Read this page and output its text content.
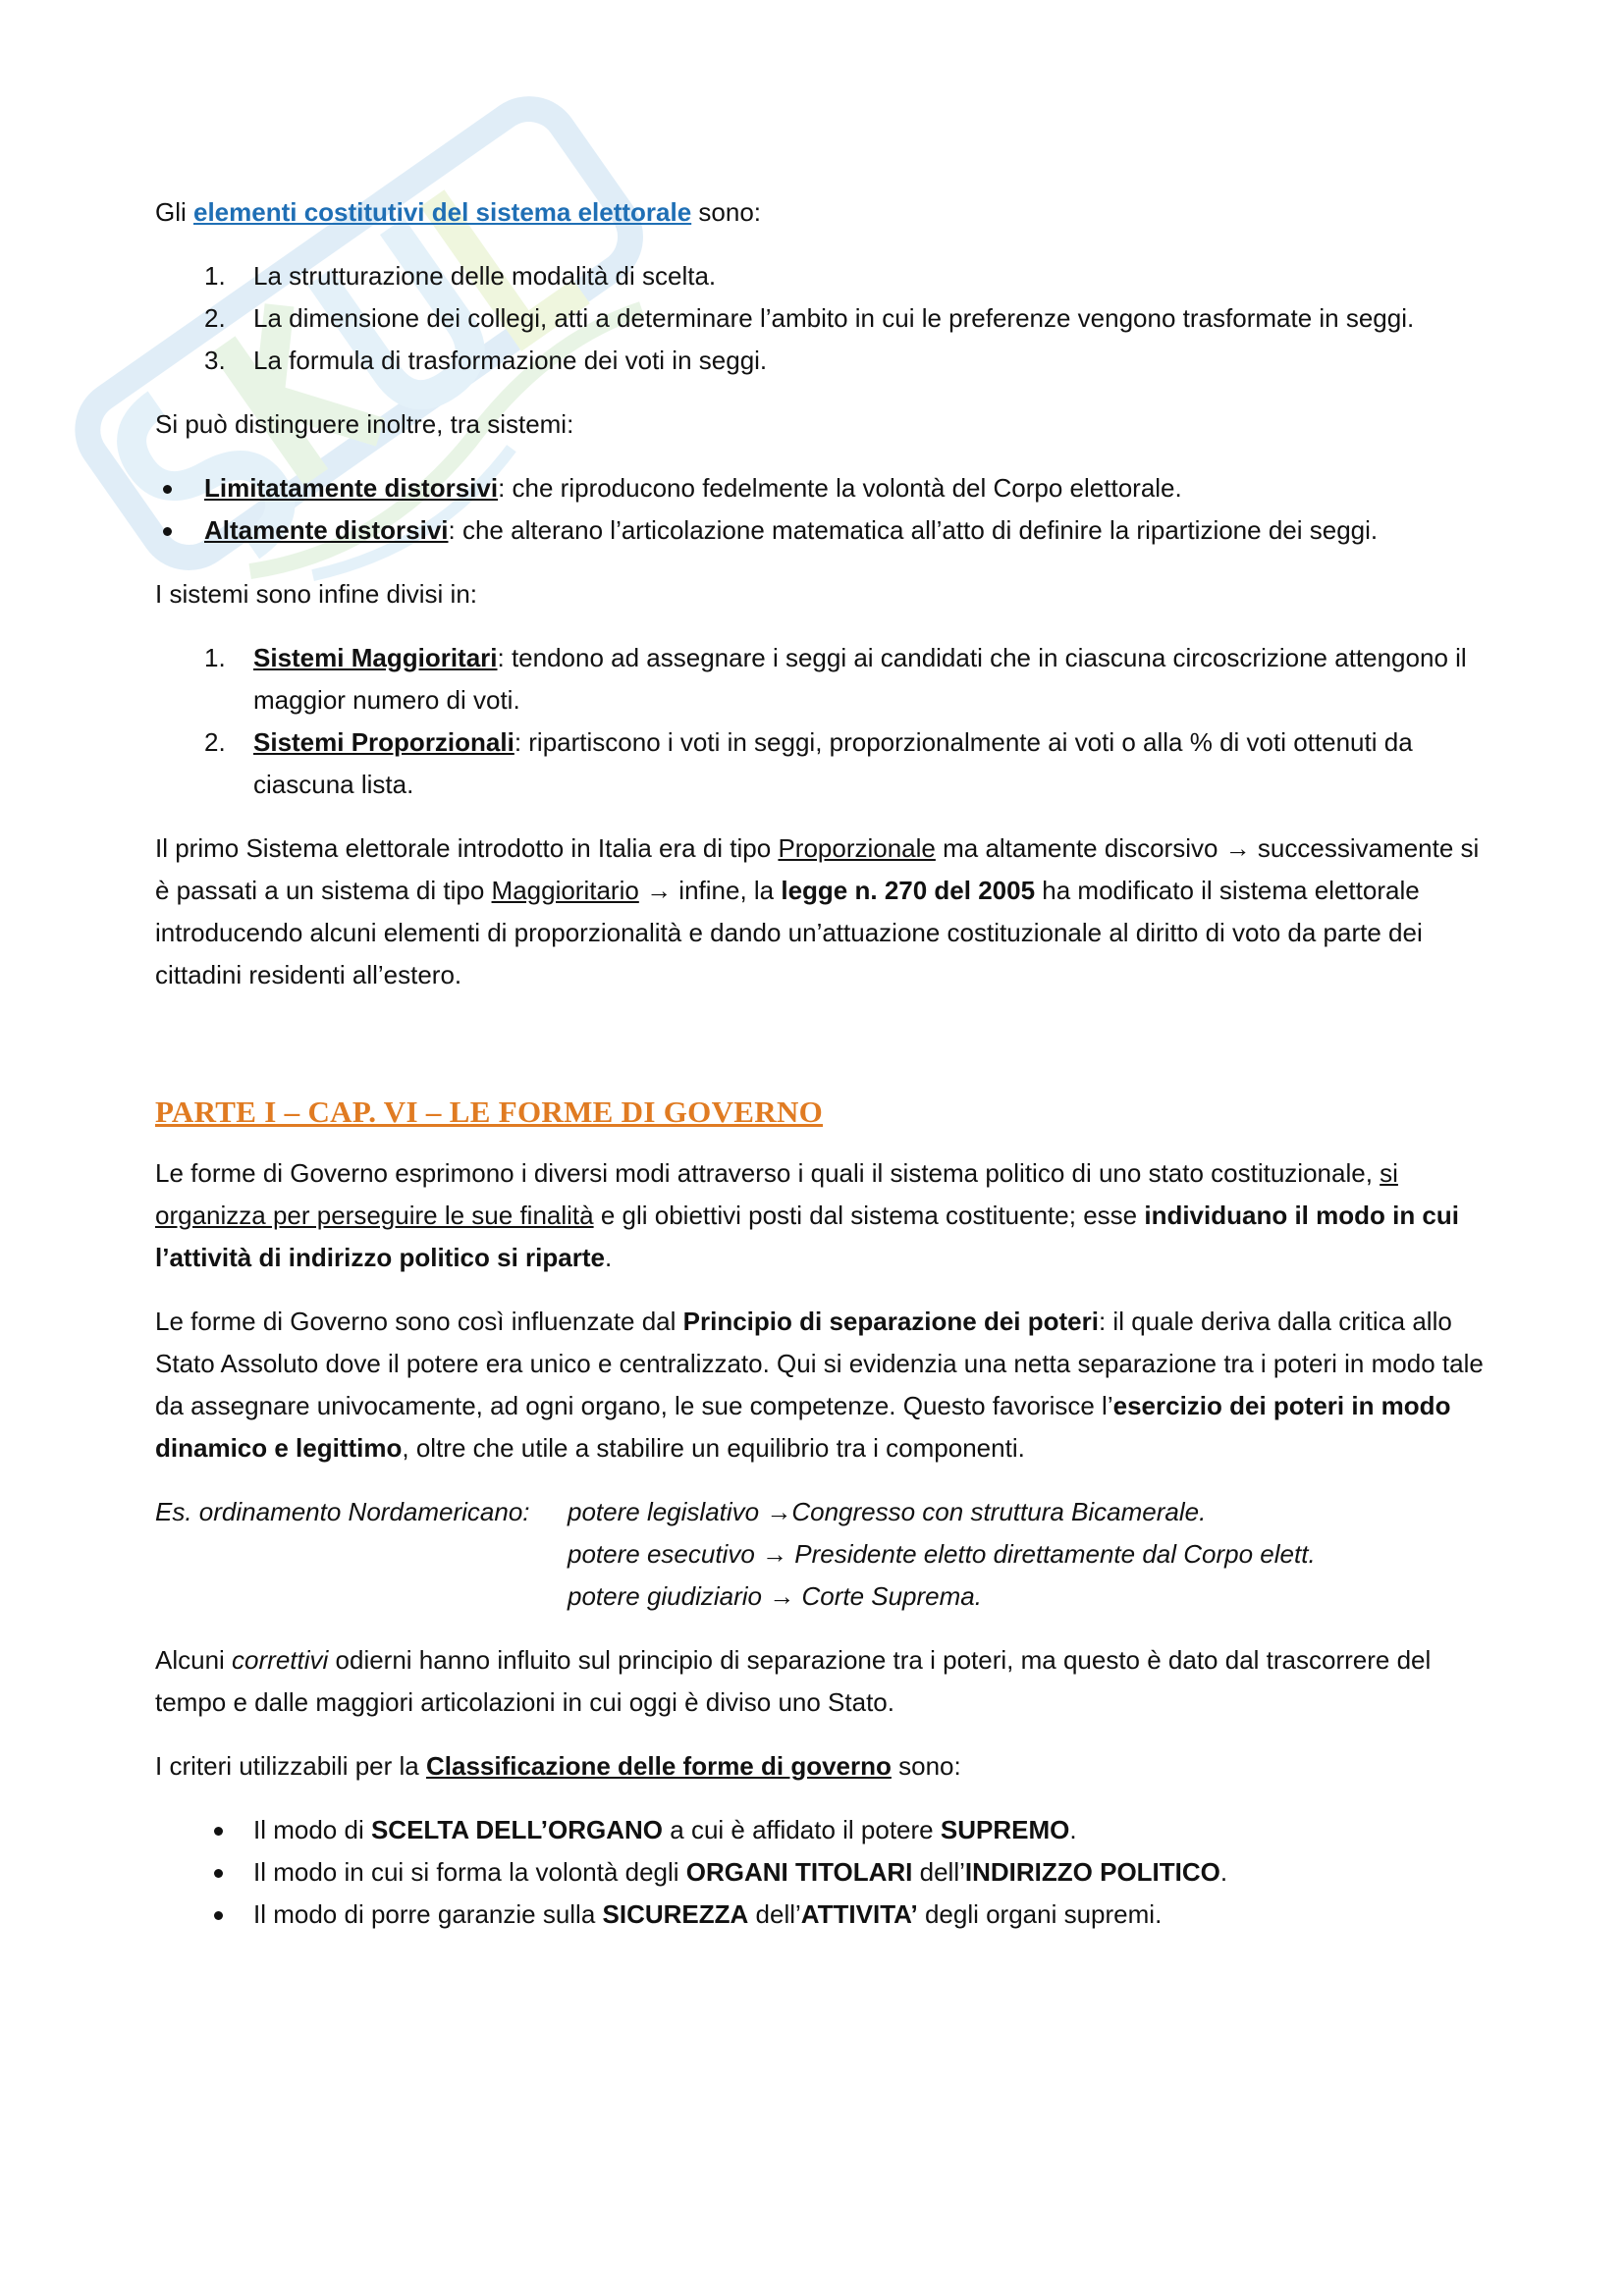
Gli elementi costitutivi del sistema elettorale sono:

1. La strutturazione delle modalità di scelta.
2. La dimensione dei collegi, atti a determinare l’ambito in cui le preferenze vengono trasformate in seggi.
3. La formula di trasformazione dei voti in seggi.

Si può distinguere inoltre, tra sistemi:

Limitatamente distorsivi: che riproducono fedelmente la volontà del Corpo elettorale.
Altamente distorsivi: che alterano l’articolazione matematica all’atto di definire la ripartizione dei seggi.

I sistemi sono infine divisi in:

1. Sistemi Maggioritari: tendono ad assegnare i seggi ai candidati che in ciascuna circoscrizione attengono il maggior numero di voti.
2. Sistemi Proporzionali: ripartiscono i voti in seggi, proporzionalmente ai voti o alla % di voti ottenuti da ciascuna lista.

Il primo Sistema elettorale introdotto in Italia era di tipo Proporzionale ma altamente discorsivo → successivamente si è passati a un sistema di tipo Maggioritario → infine, la legge n. 270 del 2005 ha modificato il sistema elettorale introducendo alcuni elementi di proporzionalità e dando un’attuazione costituzionale al diritto di voto da parte dei cittadini residenti all’estero.

PARTE I – CAP. VI – LE FORME DI GOVERNO

Le forme di Governo esprimono i diversi modi attraverso i quali il sistema politico di uno stato costituzionale, si organizza per perseguire le sue finalità e gli obiettivi posti dal sistema costituente; esse individuano il modo in cui l’attività di indirizzo politico si riparte.

Le forme di Governo sono così influenzate dal Principio di separazione dei poteri: il quale deriva dalla critica allo Stato Assoluto dove il potere era unico e centralizzato. Qui si evidenzia una netta separazione tra i poteri in modo tale da assegnare univocamente, ad ogni organo, le sue competenze. Questo favorisce l’esercizio dei poteri in modo dinamico e legittimo, oltre che utile a stabilire un equilibrio tra i componenti.

Es. ordinamento Nordamericano: potere legislativo →Congresso con struttura Bicamerale.
potere esecutivo → Presidente eletto direttamente dal Corpo elett.
potere giudiziario → Corte Suprema.

Alcuni correttivi odierni hanno influito sul principio di separazione tra i poteri, ma questo è dato dal trascorrere del tempo e dalle maggiori articolazioni in cui oggi è diviso uno Stato.

I criteri utilizzabili per la Classificazione delle forme di governo sono:

Il modo di SCELTA DELL’ORGANO a cui è affidato il potere SUPREMO.
Il modo in cui si forma la volontà degli ORGANI TITOLARI dell’INDIRIZZO POLITICO.
Il modo di porre garanzie sulla SICUREZZA dell’ATTIVITA’ degli organi supremi.
